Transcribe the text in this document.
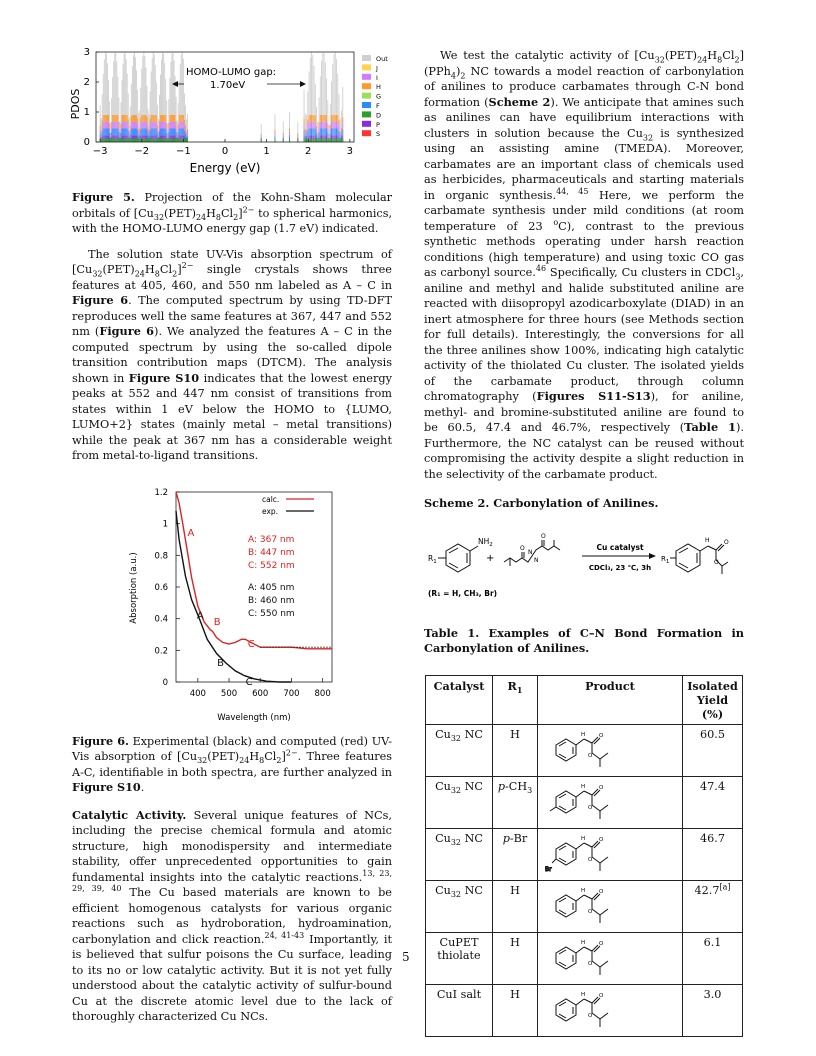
0
1
2
3
−3	−2	−1	0	1	2	3
PDOS
Energy (eV)
HOMO-LUMO gap:
1.70eV
Out
J
I
H
G
F
D
P
S

Figure 5. Projection of the Kohn-Sham molecular orbitals of $[Cu_{32}(PET)_{24}H_8Cl_2]^{2-}$ to spherical harmonics, with the HOMO-LUMO energy gap (1.7 eV) indicated.

The solution state UV-Vis absorption spectrum of $[Cu_{32}(PET)_{24}H_8Cl_2]^{2-}$ single crystals shows three features at 405, 460, and 550 nm labeled as A – C in Figure 6. The computed spectrum by using TD-DFT reproduces well the same features at 367, 447 and 552 nm (Figure 6). We analyzed the features A – C in the computed spectrum by using the so-called dipole transition contribution maps (DTCM). The analysis shown in Figure S10 indicates that the lowest energy peaks at 552 and 447 nm consist of transitions from states within 1 eV below the HOMO to {LUMO, LUMO+2} states (mainly metal – metal transitions) while the peak at 367 nm has a considerable weight from metal-to-ligand transitions.

400 500 600 700 800
0
0.2
0.4
0.6
0.8
1
1.2
A
B
C
A
B
C
calc.
exp.
A: 367 nm
B: 447 nm
C: 552 nm
A: 405 nm
B: 460 nm
C: 550 nm
Wavelength (nm)
Absorption (a.u.)

Figure 6. Experimental (black) and computed (red) UV-Vis absorption of $[Cu_{32}(PET)_{24}H_8Cl_2]^{2-}$. Three features A-C, identifiable in both spectra, are further analyzed in Figure S10.

Catalytic Activity. Several unique features of NCs, including the precise chemical formula and atomic structure, high monodispersity and intermediate stability, offer unprecedented opportunities to gain fundamental insights into the catalytic reactions.$^{13, 23, 29, 39, 40}$ The Cu based materials are known to be efficient homogenous catalysts for various organic reactions such as hydroboration, hydroamination, carbonylation and click reaction.$^{24, 41-43}$ Importantly, it is believed that sulfur poisons the Cu surface, leading to its no or low catalytic activity. But it is not yet fully understood about the catalytic activity of sulfur-bound Cu at the discrete atomic level due to the lack of thoroughly characterized Cu NCs.

We test the catalytic activity of $[Cu_{32}(PET)_{24}H_8Cl_2](PPh_4)_2$ NC towards a model reaction of carbonylation of anilines to produce carbamates through C-N bond formation (Scheme 2). We anticipate that amines such as anilines can have equilibrium interactions with clusters in solution because the $Cu_{32}$ is synthesized using an assisting amine (TMEDA). Moreover, carbamates are an important class of chemicals used as herbicides, pharmaceuticals and starting materials in organic synthesis.$^{44, 45}$ Here, we perform the carbamate synthesis under mild conditions (at room temperature of 23 $^o$C), contrast to the previous synthetic methods operating under harsh reaction conditions (high temperature) and using toxic CO gas as carbonyl source.$^{46}$ Specifically, Cu clusters in CDCl$_3$, aniline and methyl and halide substituted aniline are reacted with diisopropyl azodicarboxylate (DIAD) in an inert atmosphere for three hours (see Methods section for full details). Interestingly, the conversions for all the three anilines show 100%, indicating high catalytic activity of the thiolated Cu cluster. The isolated yields of the carbamate product, through column chromatography (Figures S11-S13), for aniline, methyl- and bromine-substituted aniline are found to be 60.5, 47.4 and 46.7%, respectively (Table 1). Furthermore, the NC catalyst can be reused without compromising the activity despite a slight reduction in the selectivity of the carbamate product.

Scheme 2. Carbonylation of Anilines.

$NH_2$
$R_1$	+
O
O
N
N
Cu catalyst
CDCl₃, 23 ℃, 3h
H O
O
$R_1$
(R₁ = H, CH₃, Br)

Table 1. Examples of C–N Bond Formation in Carbonylation of Anilines.

Catalyst	$R_1$	Product	Isolated Yield (%)
$Cu_{32}$ NC	H	H O
O	60.5
$Cu_{32}$ NC	$p-CH_3$	H O
O	47.4
$Cu_{32}$ NC	p-Br	Br
H O
O	46.7
$Cu_{32}$ NC	H	H O
O	42.7[a]
CuPET thiolate	H	H O
O	6.1
CuI salt	H	H O
O	3.0
5
